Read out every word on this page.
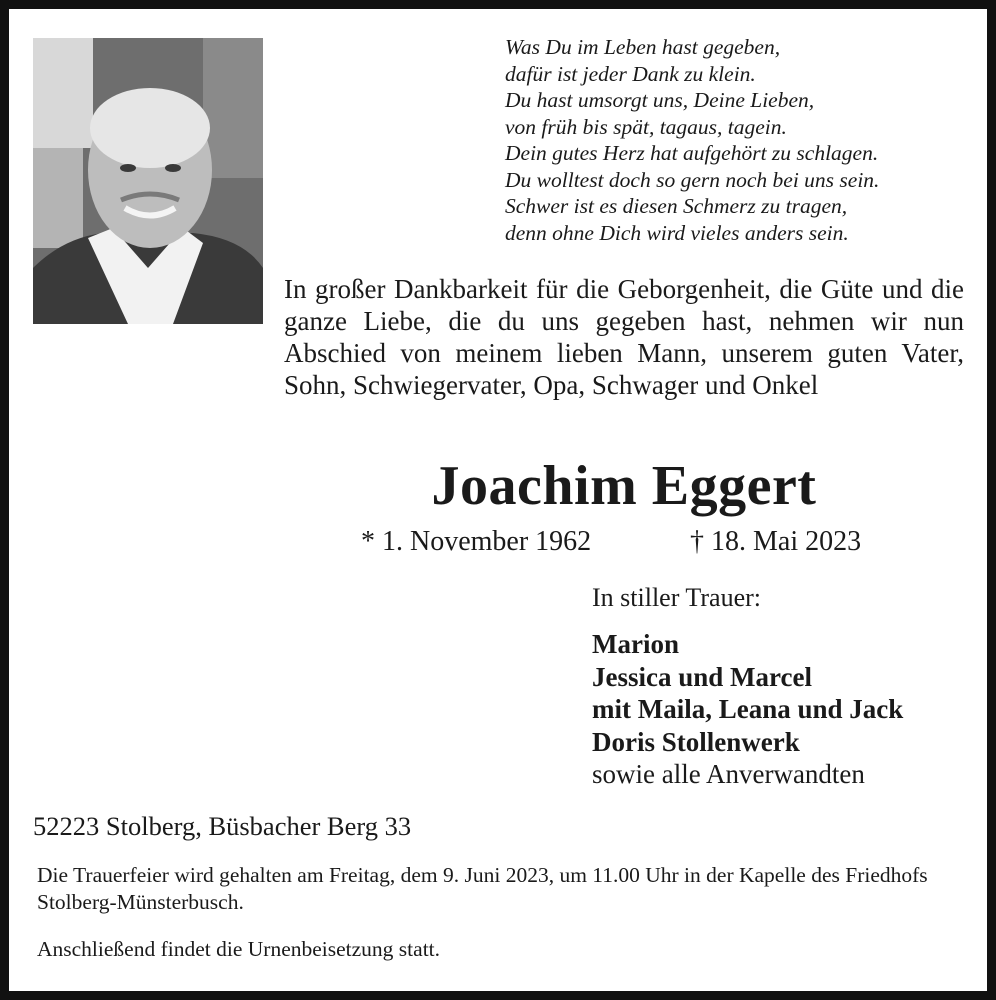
Was Du im Leben hast gegeben,
dafür ist jeder Dank zu klein.
Du hast umsorgt uns, Deine Lieben,
von früh bis spät, tagaus, tagein.
Dein gutes Herz hat aufgehört zu schlagen.
Du wolltest doch so gern noch bei uns sein.
Schwer ist es diesen Schmerz zu tragen,
denn ohne Dich wird vieles anders sein.
In großer Dankbarkeit für die Geborgenheit, die Güte und die ganze Liebe, die du uns gegeben hast, nehmen wir nun Abschied von meinem lieben Mann, unserem guten Vater, Sohn, Schwiegervater, Opa, Schwager und Onkel
Joachim Eggert
* 1. November 1962	† 18. Mai 2023
In stiller Trauer:
Marion
Jessica und Marcel
mit Maila, Leana und Jack
Doris Stollenwerk
sowie alle Anverwandten
52223 Stolberg, Büsbacher Berg 33
Die Trauerfeier wird gehalten am Freitag, dem 9. Juni 2023, um 11.00 Uhr in der Kapelle des Friedhofs Stolberg-Münsterbusch.
Anschließend findet die Urnenbeisetzung statt.
